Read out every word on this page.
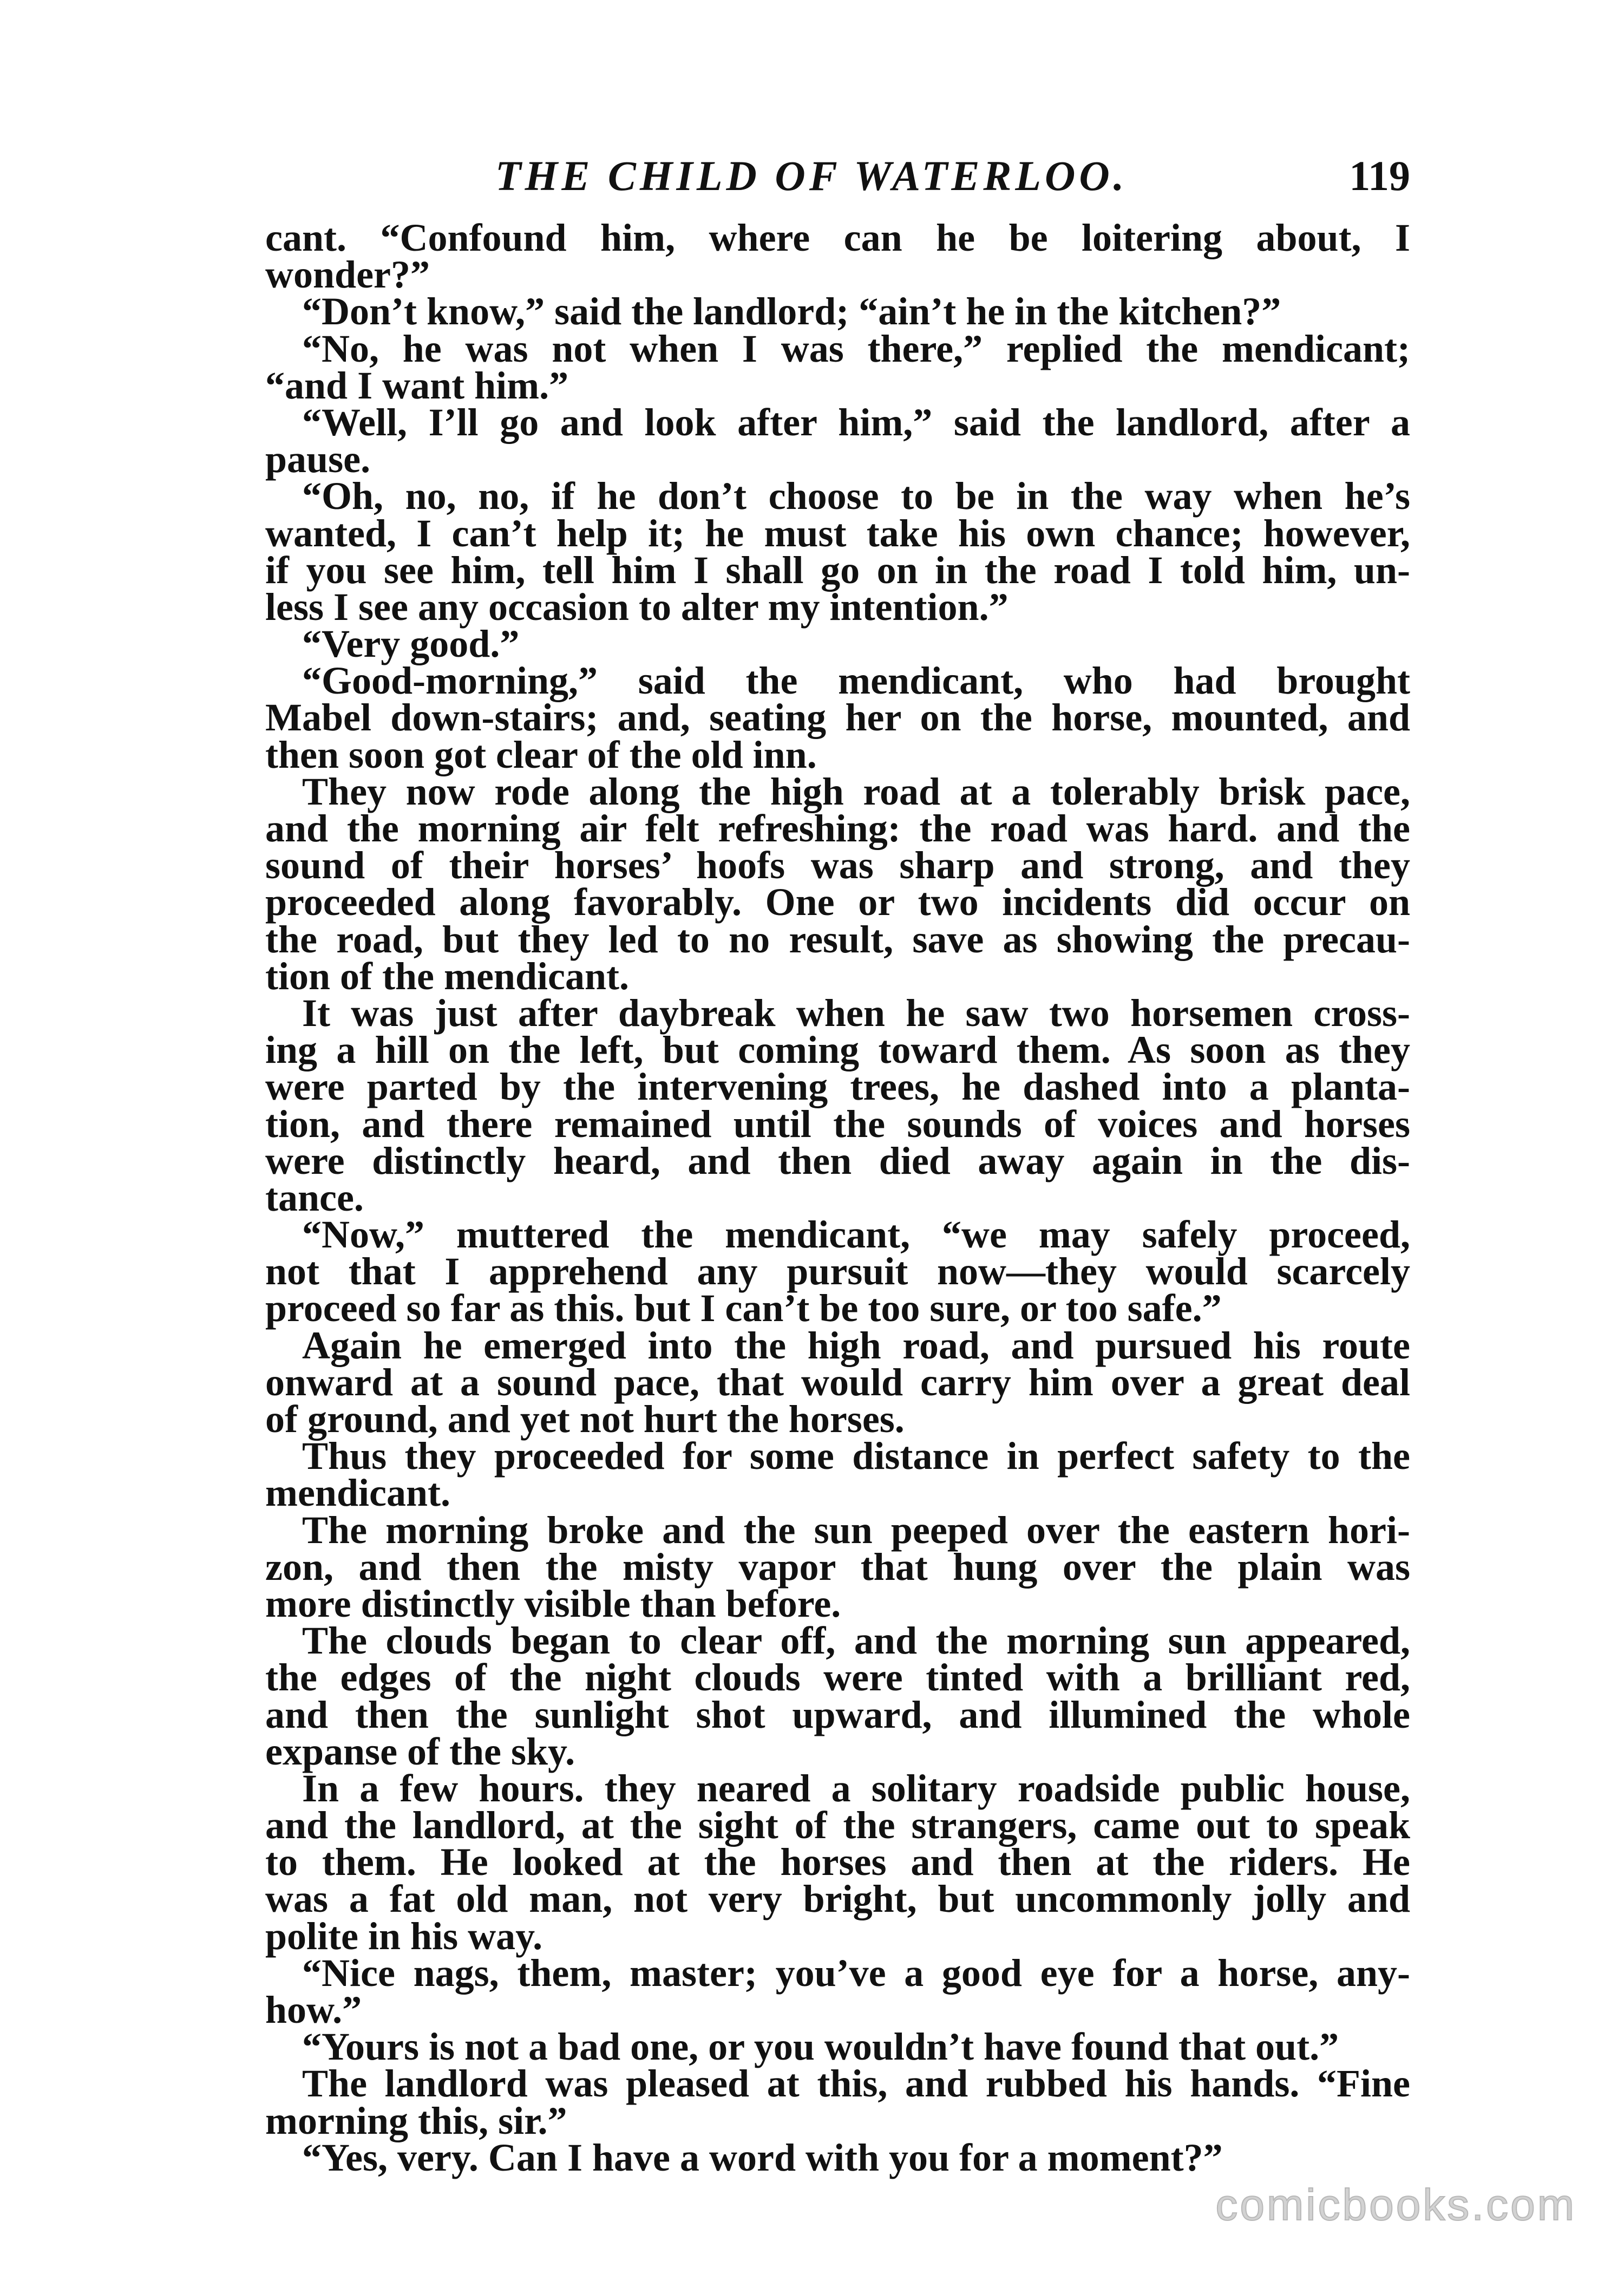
THE CHILD OF WATERLOO.	119
cant. “Confound him, where can he be loitering about, I
wonder?”
“Don’t know,” said the landlord; “ain’t he in the kitchen?”
“No, he was not when I was there,” replied the mendicant;
“and I want him.”
“Well, I’ll go and look after him,” said the landlord, after a
pause.
“Oh, no, no, if he don’t choose to be in the way when he’s
wanted, I can’t help it; he must take his own chance; however,
if you see him, tell him I shall go on in the road I told him, un-
less I see any occasion to alter my intention.”
“Very good.”
“Good-morning,” said the mendicant, who had brought
Mabel down-stairs; and, seating her on the horse, mounted, and
then soon got clear of the old inn.
They now rode along the high road at a tolerably brisk pace,
and the morning air felt refreshing: the road was hard. and the
sound of their horses’ hoofs was sharp and strong, and they
proceeded along favorably. One or two incidents did occur on
the road, but they led to no result, save as showing the precau-
tion of the mendicant.
It was just after daybreak when he saw two horsemen cross-
ing a hill on the left, but coming toward them. As soon as they
were parted by the intervening trees, he dashed into a planta-
tion, and there remained until the sounds of voices and horses
were distinctly heard, and then died away again in the dis-
tance.
“Now,” muttered the mendicant, “we may safely proceed,
not that I apprehend any pursuit now—they would scarcely
proceed so far as this. but I can’t be too sure, or too safe.”
Again he emerged into the high road, and pursued his route
onward at a sound pace, that would carry him over a great deal
of ground, and yet not hurt the horses.
Thus they proceeded for some distance in perfect safety to the
mendicant.
The morning broke and the sun peeped over the eastern hori-
zon, and then the misty vapor that hung over the plain was
more distinctly visible than before.
The clouds began to clear off, and the morning sun appeared,
the edges of the night clouds were tinted with a brilliant red,
and then the sunlight shot upward, and illumined the whole
expanse of the sky.
In a few hours. they neared a solitary roadside public house,
and the landlord, at the sight of the strangers, came out to speak
to them. He looked at the horses and then at the riders. He
was a fat old man, not very bright, but uncommonly jolly and
polite in his way.
“Nice nags, them, master; you’ve a good eye for a horse, any-
how.”
“Yours is not a bad one, or you wouldn’t have found that out.”
The landlord was pleased at this, and rubbed his hands. “Fine
morning this, sir.”
“Yes, very. Can I have a word with you for a moment?”
comicbooks.com
